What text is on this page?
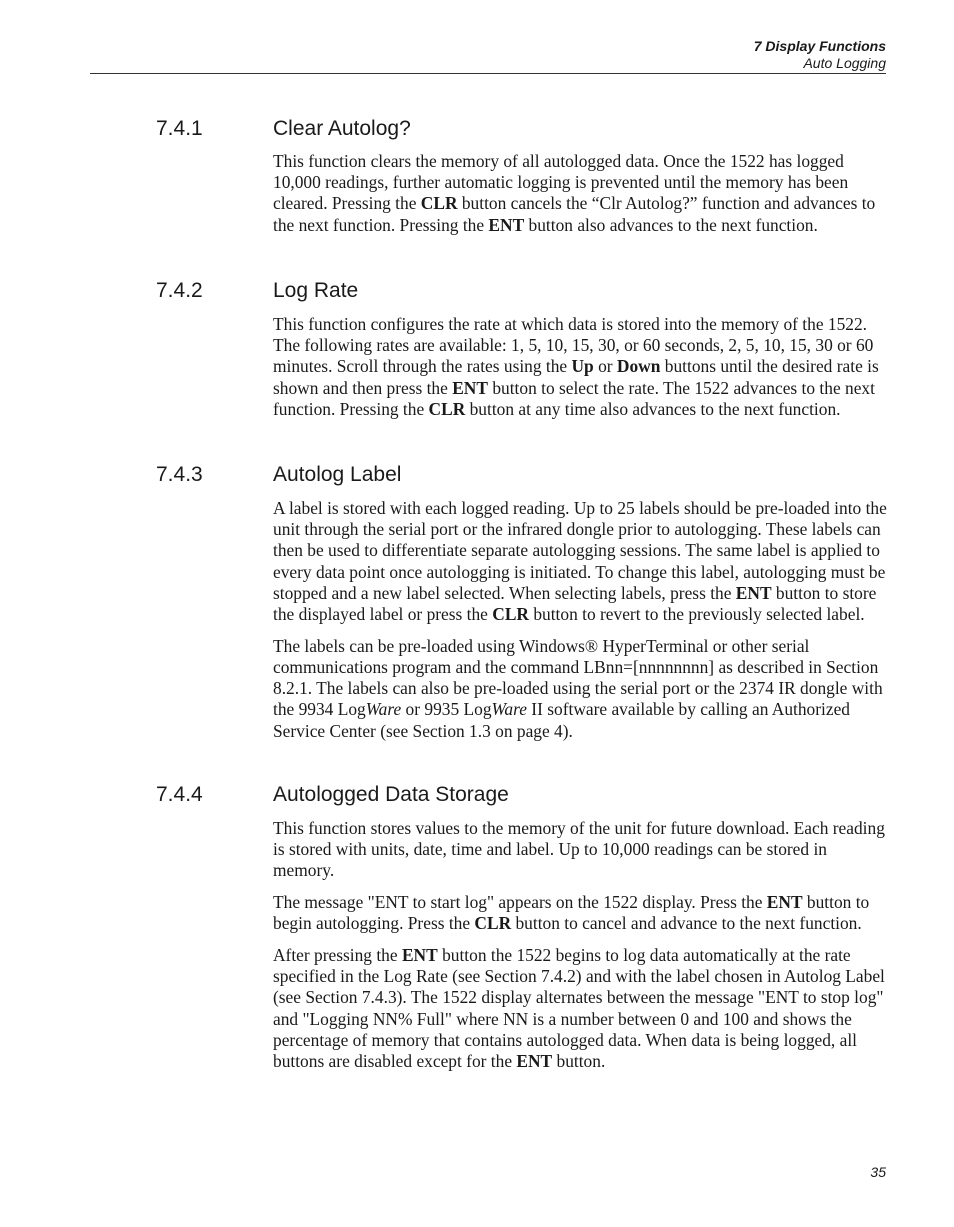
7 Display Functions
Auto Logging
7.4.1	Clear Autolog?

This function clears the memory of all autologged data. Once the 1522 has logged 10,000 readings, further automatic logging is prevented until the memory has been cleared. Pressing the CLR button cancels the “Clr Autolog?” function and advances to the next function. Pressing the ENT button also advances to the next function.

7.4.2	Log Rate

This function configures the rate at which data is stored into the memory of the 1522. The following rates are available: 1, 5, 10, 15, 30, or 60 seconds, 2, 5, 10, 15, 30 or 60 minutes. Scroll through the rates using the Up or Down buttons until the desired rate is shown and then press the ENT button to select the rate. The 1522 advances to the next function. Pressing the CLR button at any time also advances to the next function.

7.4.3	Autolog Label

A label is stored with each logged reading. Up to 25 labels should be pre-loaded into the unit through the serial port or the infrared dongle prior to autologging. These labels can then be used to differentiate separate autologging sessions. The same label is applied to every data point once autologging is initiated. To change this label, autologging must be stopped and a new label selected. When selecting labels, press the ENT button to store the displayed label or press the CLR button to revert to the previously selected label.

The labels can be pre-loaded using Windows® HyperTerminal or other serial communications program and the command LBnn=[nnnnnnnn] as described in Section 8.2.1. The labels can also be pre-loaded using the serial port or the 2374 IR dongle with the 9934 LogWare or 9935 LogWare II software available by calling an Authorized Service Center (see Section 1.3 on page 4).

7.4.4	Autologged Data Storage

This function stores values to the memory of the unit for future download. Each reading is stored with units, date, time and label. Up to 10,000 readings can be stored in memory.

The message "ENT to start log" appears on the 1522 display. Press the ENT button to begin autologging. Press the CLR button to cancel and advance to the next function.

After pressing the ENT button the 1522 begins to log data automatically at the rate specified in the Log Rate (see Section 7.4.2) and with the label chosen in Autolog Label (see Section 7.4.3). The 1522 display alternates between the message "ENT to stop log" and "Logging NN% Full" where NN is a number between 0 and 100 and shows the percentage of memory that contains autologged data. When data is being logged, all buttons are disabled except for the ENT button.

35
